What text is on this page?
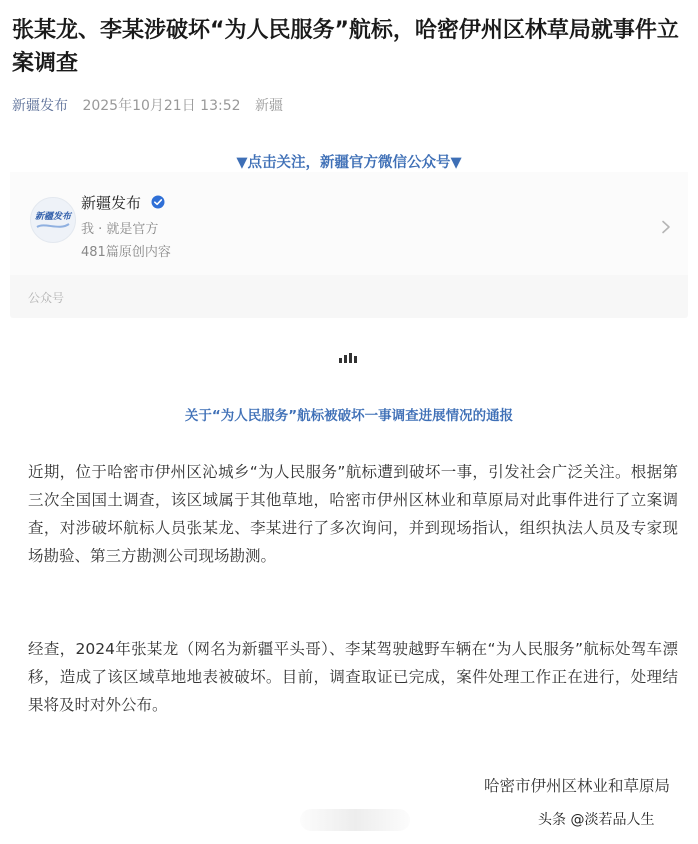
张某龙、李某涉破坏“为人民服务”航标，哈密伊州区林草局就事件立案调查
新疆发布 2025年10月21日 13:52 新疆
▼点击关注，新疆官方微信公众号▼
新疆发布
新疆发布
我 · 就是官方
481篇原创内容
公众号
关于“为人民服务”航标被破坏一事调查进展情况的通报

近期，位于哈密市伊州区沁城乡“为人民服务”航标遭到破坏一事，引发社会广泛关注。根据第三次全国国土调查，该区域属于其他草地，哈密市伊州区林业和草原局对此事件进行了立案调查，对涉破坏航标人员张某龙、李某进行了多次询问，并到现场指认，组织执法人员及专家现场勘验、第三方勘测公司现场勘测。

经查，2024年张某龙（网名为新疆平头哥）、李某驾驶越野车辆在“为人民服务”航标处驾车漂移，造成了该区域草地地表被破坏。目前，调查取证已完成，案件处理工作正在进行，处理结果将及时对外公布。

哈密市伊州区林业和草原局
头条 @淡若品人生
